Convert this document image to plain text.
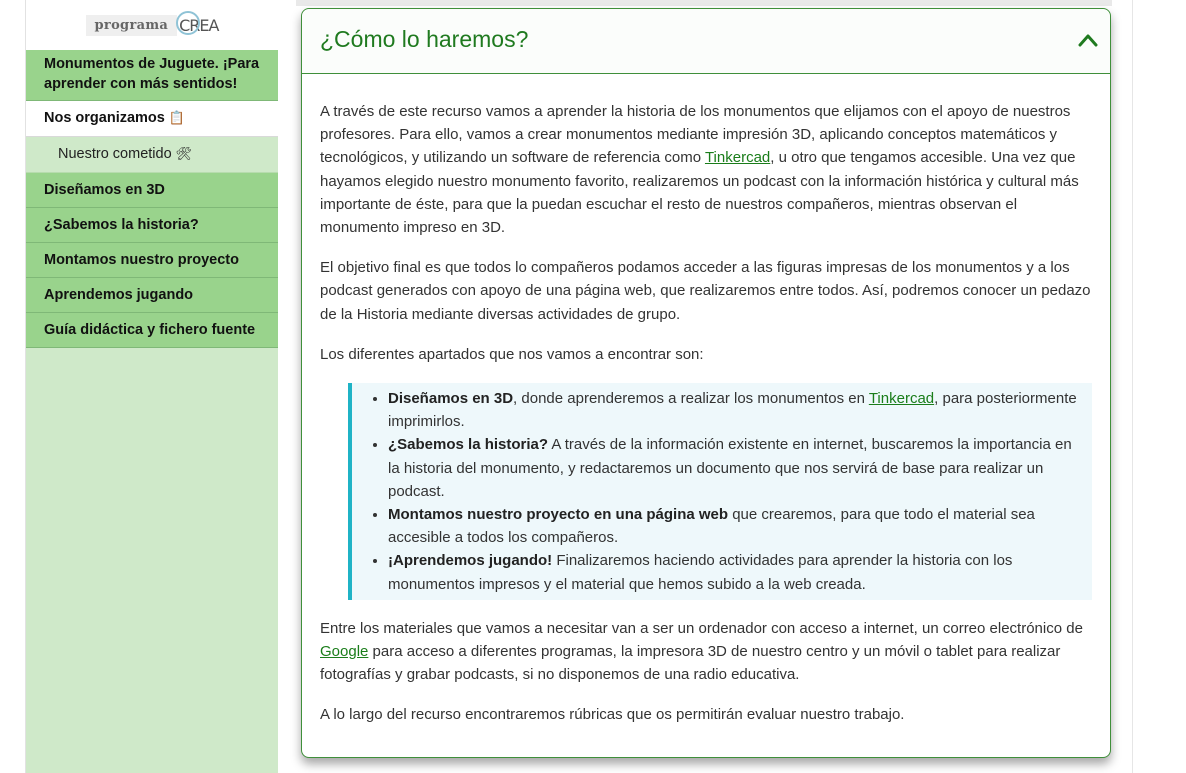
programa CREA
Monumentos de Juguete. ¡Para aprender con más sentidos!
Nos organizamos 📋
Nuestro cometido 🛠
Diseñamos en 3D
¿Sabemos la historia?
Montamos nuestro proyecto
Aprendemos jugando
Guía didáctica y fichero fuente
¿Cómo lo haremos?

A través de este recurso vamos a aprender la historia de los monumentos que elijamos con el apoyo de nuestros profesores. Para ello, vamos a crear monumentos mediante impresión 3D, aplicando conceptos matemáticos y tecnológicos, y utilizando un software de referencia como Tinkercad, u otro que tengamos accesible. Una vez que hayamos elegido nuestro monumento favorito, realizaremos un podcast con la información histórica y cultural más importante de éste, para que la puedan escuchar el resto de nuestros compañeros, mientras observan el monumento impreso en 3D.

El objetivo final es que todos lo compañeros podamos acceder a las figuras impresas de los monumentos y a los podcast generados con apoyo de una página web, que realizaremos entre todos. Así, podremos conocer un pedazo de la Historia mediante diversas actividades de grupo.

Los diferentes apartados que nos vamos a encontrar son:

• Diseñamos en 3D, donde aprenderemos a realizar los monumentos en Tinkercad, para posteriormente imprimirlos.
• ¿Sabemos la historia? A través de la información existente en internet, buscaremos la importancia en la historia del monumento, y redactaremos un documento que nos servirá de base para realizar un podcast.
• Montamos nuestro proyecto en una página web que crearemos, para que todo el material sea accesible a todos los compañeros.
• ¡Aprendemos jugando! Finalizaremos haciendo actividades para aprender la historia con los monumentos impresos y el material que hemos subido a la web creada.

Entre los materiales que vamos a necesitar van a ser un ordenador con acceso a internet, un correo electrónico de Google para acceso a diferentes programas, la impresora 3D de nuestro centro y un móvil o tablet para realizar fotografías y grabar podcasts, si no disponemos de una radio educativa.

A lo largo del recurso encontraremos rúbricas que os permitirán evaluar nuestro trabajo.
